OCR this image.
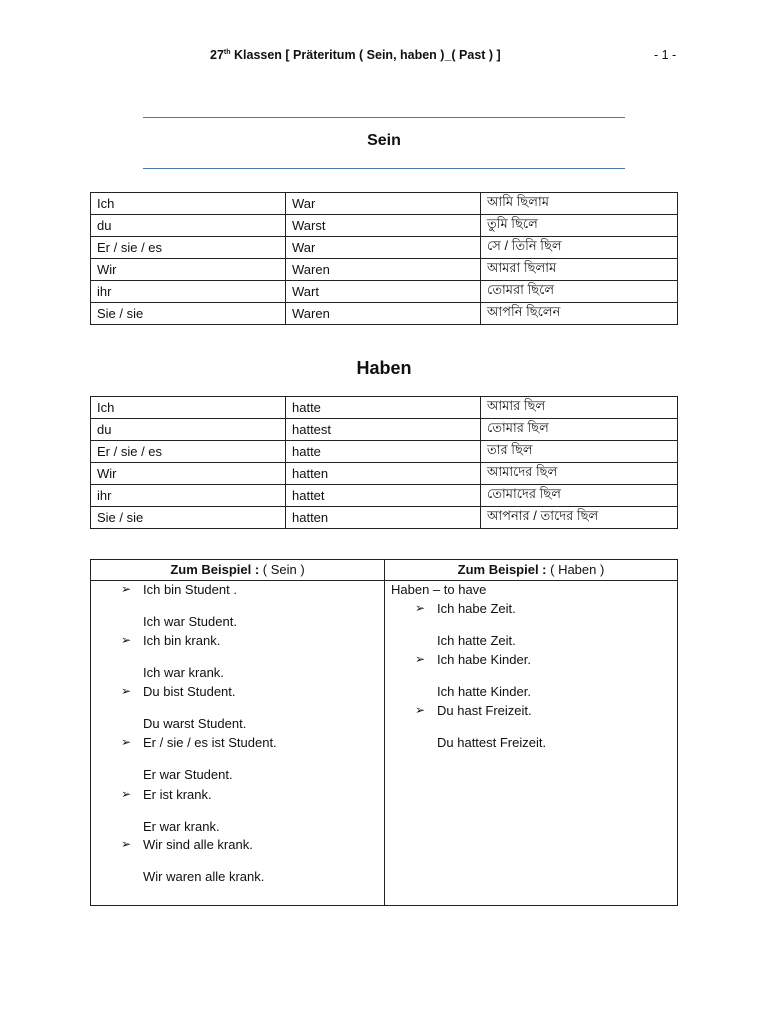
27th Klassen [ Präteritum ( Sein, haben )_( Past ) ]	- 1 -
Sein
Ich	War	আমি ছিলাম
du	Warst	তুমি ছিলে
Er / sie / es	War	সে / তিনি ছিল
Wir	Waren	আমরা ছিলাম
ihr	Wart	তোমরা ছিলে
Sie / sie	Waren	আপনি ছিলেন
Haben
Ich	hatte	আমার ছিল
du	hattest	তোমার ছিল
Er / sie / es	hatte	তার ছিল
Wir	hatten	আমাদের ছিল
ihr	hattet	তোমাদের ছিল
Sie / sie	hatten	আপনার / তাদের ছিল
Zum Beispiel : ( Sein )
➢ Ich bin Student .
Ich war Student.
➢ Ich bin krank.
Ich war krank.
➢ Du bist Student.
Du warst Student.
➢ Er / sie / es ist Student.
Er war Student.
➢ Er ist krank.
Er war krank.
➢ Wir sind alle krank.
Wir waren alle krank.
Zum Beispiel : ( Haben )
Haben – to have
➢ Ich habe Zeit.
Ich hatte Zeit.
➢ Ich habe Kinder.
Ich hatte Kinder.
➢ Du hast Freizeit.
Du hattest Freizeit.
